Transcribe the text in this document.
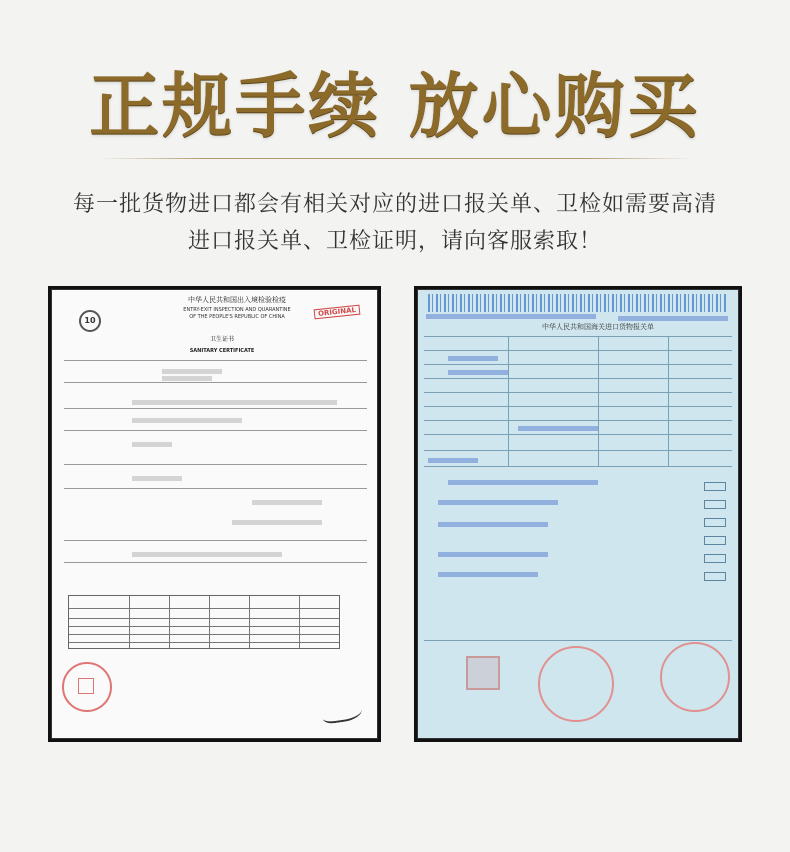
正规手续 放心购买
每一批货物进口都会有相关对应的进口报关单、卫检如需要高清
进口报关单、卫检证明，请向客服索取！
10
中华人民共和国出入境检验检疫
ENTRY-EXIT INSPECTION AND QUARANTINE
OF THE PEOPLE'S REPUBLIC OF CHINA	ORIGINAL
卫生证书
SANITARY CERTIFICATE
中华人民共和国海关进口货物报关单
